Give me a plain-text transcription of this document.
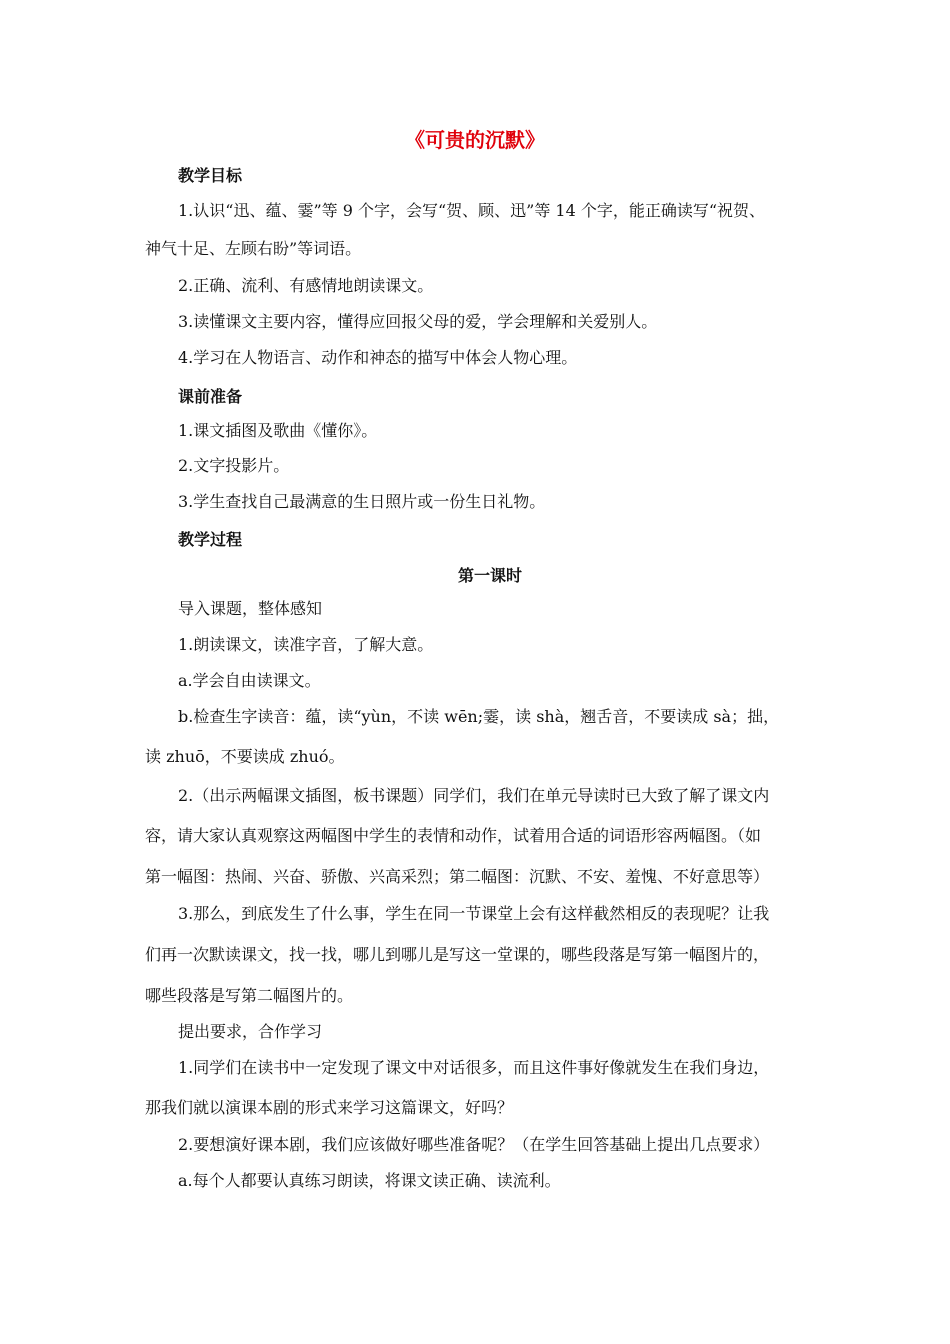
《可贵的沉默》
教学目标
1.认识“迅、蕴、霎”等 9 个字，会写“贺、顾、迅”等 14 个字，能正确读写“祝贺、
神气十足、左顾右盼”等词语。
2.正确、流利、有感情地朗读课文。
3.读懂课文主要内容，懂得应回报父母的爱，学会理解和关爱别人。
4.学习在人物语言、动作和神态的描写中体会人物心理。
课前准备
1.课文插图及歌曲《懂你》。
2.文字投影片。
3.学生查找自己最满意的生日照片或一份生日礼物。
教学过程
第一课时
导入课题，整体感知
1.朗读课文，读准字音，了解大意。
a.学会自由读课文。
b.检查生字读音：蕴，读“yùn，不读 wēn;霎，读 shà，翘舌音，不要读成 sà；拙，
读 zhuō，不要读成 zhuó。
2.（出示两幅课文插图，板书课题）同学们，我们在单元导读时已大致了解了课文内
容，请大家认真观察这两幅图中学生的表情和动作，试着用合适的词语形容两幅图。（如
第一幅图：热闹、兴奋、骄傲、兴高采烈；第二幅图：沉默、不安、羞愧、不好意思等）
3.那么，到底发生了什么事，学生在同一节课堂上会有这样截然相反的表现呢？让我
们再一次默读课文，找一找，哪儿到哪儿是写这一堂课的，哪些段落是写第一幅图片的，
哪些段落是写第二幅图片的。
提出要求，合作学习
1.同学们在读书中一定发现了课文中对话很多，而且这件事好像就发生在我们身边，
那我们就以演课本剧的形式来学习这篇课文，好吗？
2.要想演好课本剧，我们应该做好哪些准备呢？（在学生回答基础上提出几点要求）
a.每个人都要认真练习朗读，将课文读正确、读流利。
